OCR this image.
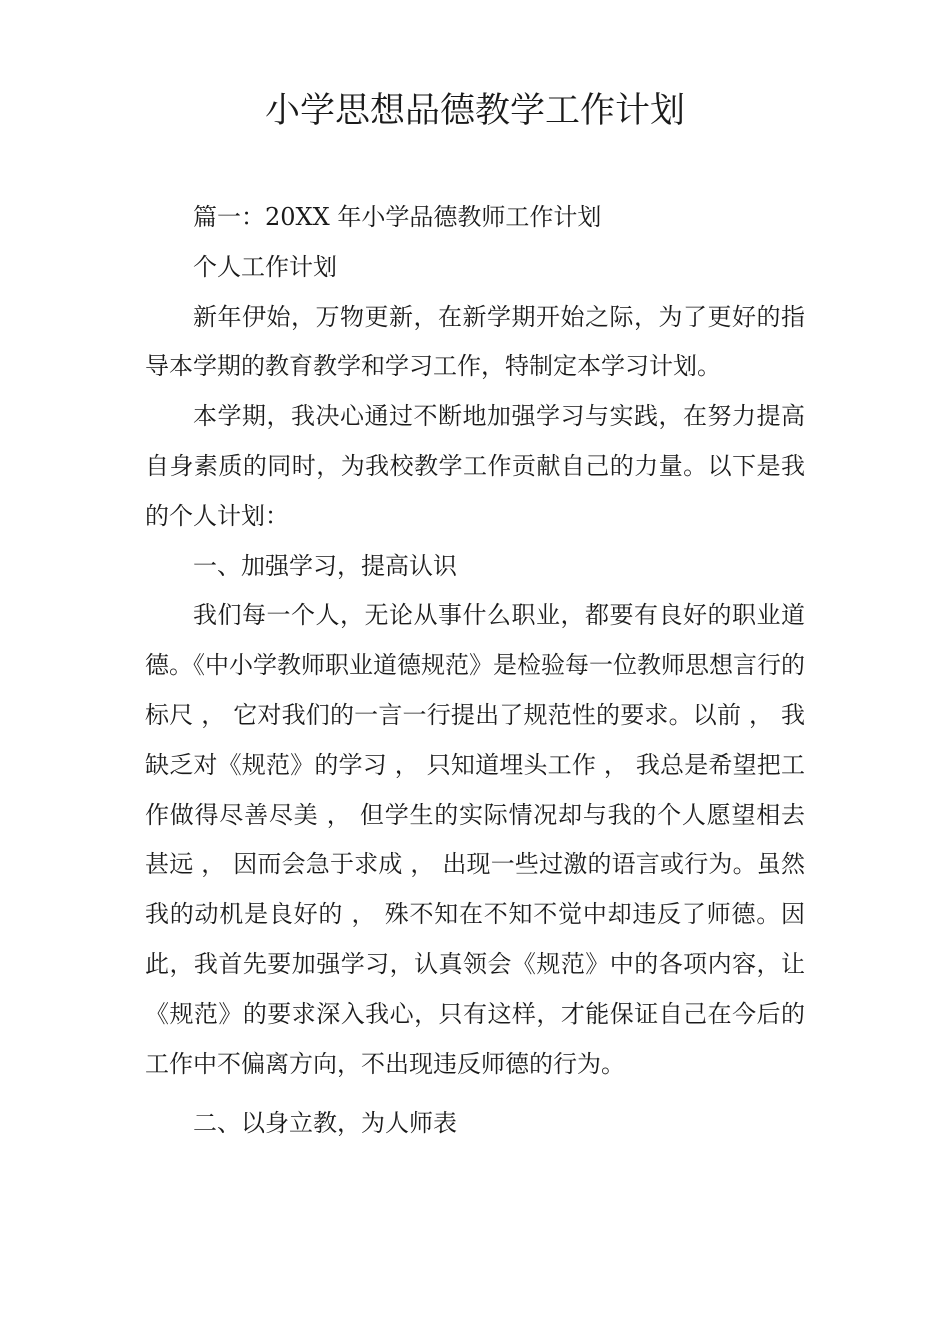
小学思想品德教学工作计划

篇一：20XX 年小学品德教师工作计划

个人工作计划

新年伊始，万物更新，在新学期开始之际，为了更好的指导本学期的教育教学和学习工作，特制定本学习计划。

本学期，我决心通过不断地加强学习与实践，在努力提高自身素质的同时，为我校教学工作贡献自己的力量。以下是我的个人计划：

一、加强学习，提高认识

我们每一个人，无论从事什么职业，都要有良好的职业道德。《中小学教师职业道德规范》是检验每一位教师思想言行的标尺 ， 它对我们的一言一行提出了规范性的要求。以前 ， 我缺乏对《规范》的学习 ， 只知道埋头工作 ， 我总是希望把工作做得尽善尽美 ， 但学生的实际情况却与我的个人愿望相去甚远 ， 因而会急于求成 ， 出现一些过激的语言或行为。虽然我的动机是良好的 ， 殊不知在不知不觉中却违反了师德。因此，我首先要加强学习，认真领会《规范》中的各项内容，让《规范》的要求深入我心，只有这样，才能保证自己在今后的工作中不偏离方向，不出现违反师德的行为。

二、以身立教，为人师表
